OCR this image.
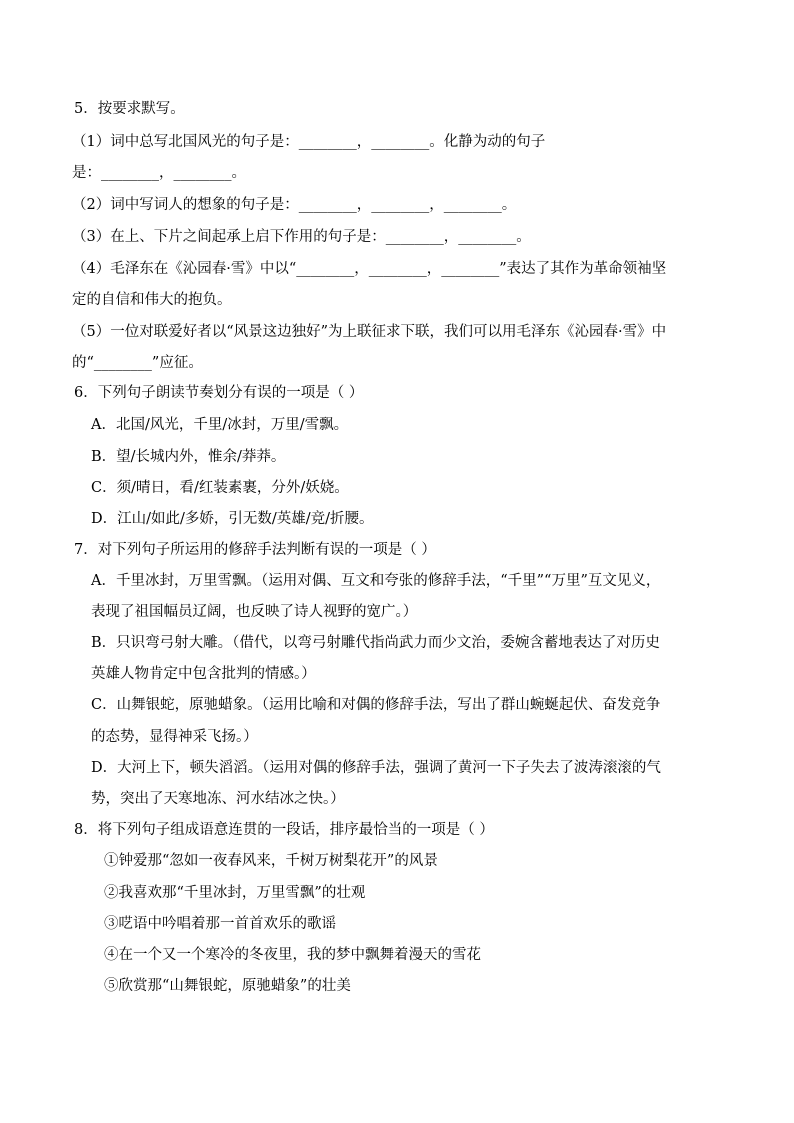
5．按要求默写。
（1）词中总写北国风光的句子是：________，________。化静为动的句子
是：________，________。
（2）词中写词人的想象的句子是：________，________，________。
（3）在上、下片之间起承上启下作用的句子是：________，________。
（4）毛泽东在《沁园春·雪》中以“________，________，________”表达了其作为革命领袖坚
定的自信和伟大的抱负。
（5）一位对联爱好者以“风景这边独好”为上联征求下联，我们可以用毛泽东《沁园春·雪》中
的“________”应征。
6．下列句子朗读节奏划分有误的一项是（ ）
A．北国/风光，千里/冰封，万里/雪飘。
B．望/长城内外，惟余/莽莽。
C．须/晴日，看/红装素裹，分外/妖娆。
D．江山/如此/多娇，引无数/英雄/竞/折腰。
7．对下列句子所运用的修辞手法判断有误的一项是（ ）
A．千里冰封，万里雪飘。（运用对偶、互文和夸张的修辞手法，“千里”“万里”互文见义，
表现了祖国幅员辽阔，也反映了诗人视野的宽广。）
B．只识弯弓射大雕。（借代，以弯弓射雕代指尚武力而少文治，委婉含蓄地表达了对历史
英雄人物肯定中包含批判的情感。）
C．山舞银蛇，原驰蜡象。（运用比喻和对偶的修辞手法，写出了群山蜿蜒起伏、奋发竞争
的态势，显得神采飞扬。）
D．大河上下，顿失滔滔。（运用对偶的修辞手法，强调了黄河一下子失去了波涛滚滚的气
势，突出了天寒地冻、河水结冰之快。）
8．将下列句子组成语意连贯的一段话，排序最恰当的一项是（ ）
①钟爱那“忽如一夜春风来，千树万树梨花开”的风景
②我喜欢那“千里冰封，万里雪飘”的壮观
③呓语中吟唱着那一首首欢乐的歌谣
④在一个又一个寒冷的冬夜里，我的梦中飘舞着漫天的雪花
⑤欣赏那“山舞银蛇，原驰蜡象”的壮美
